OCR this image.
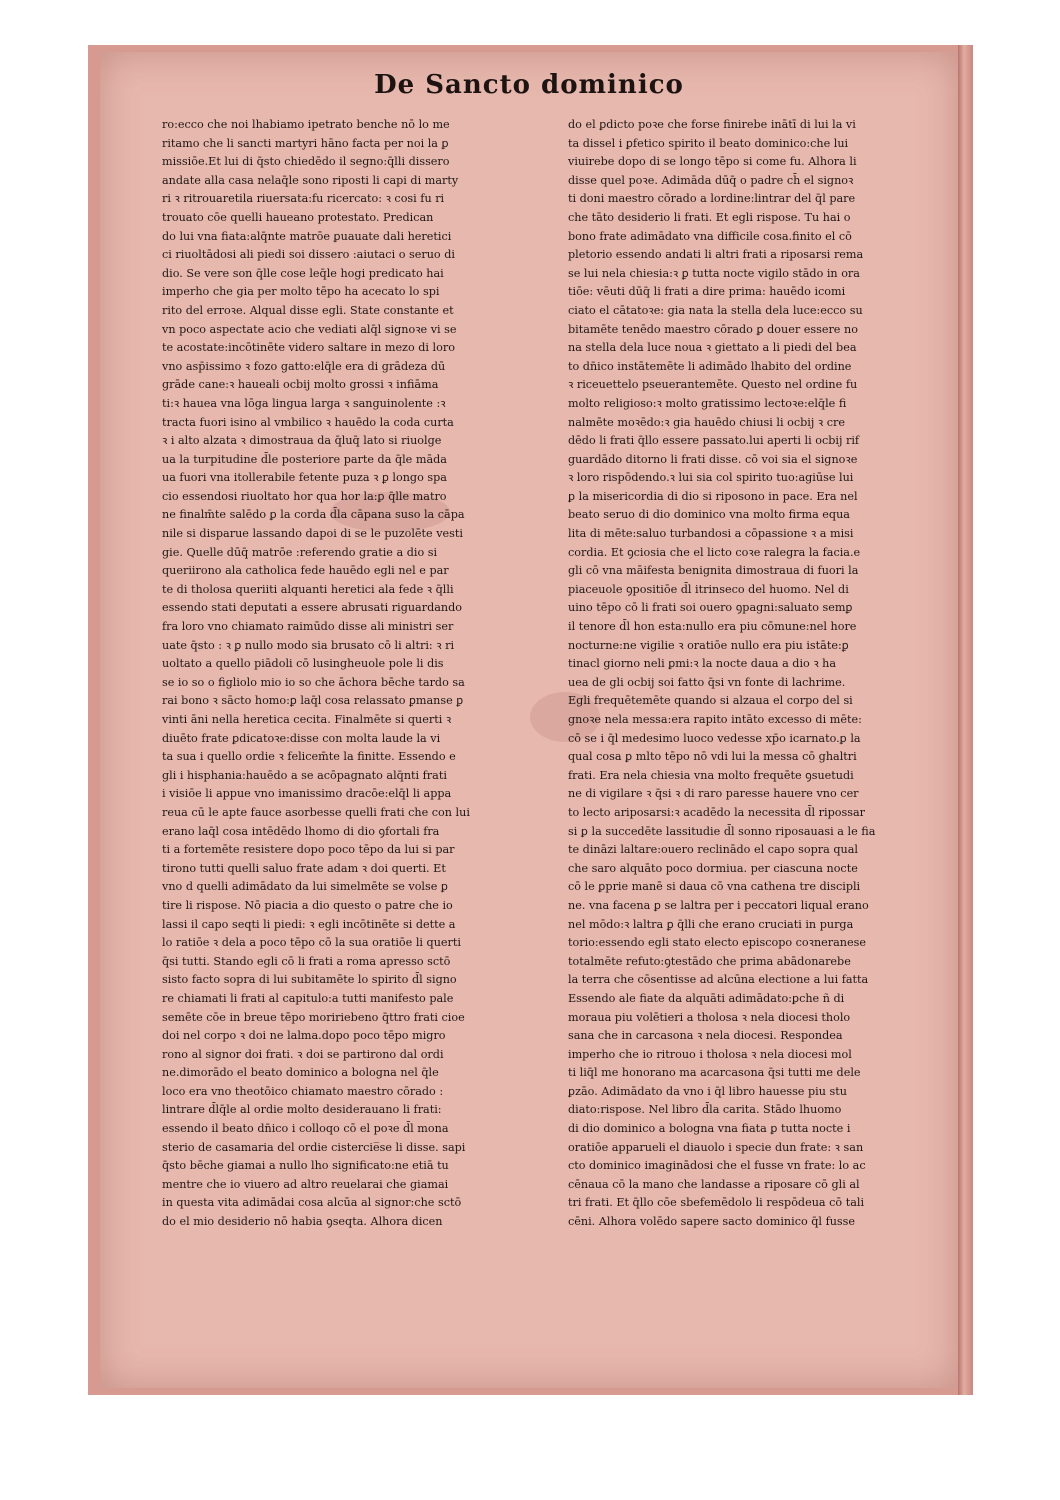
De Sancto dominico

ro:ecco che noi lhabiamo ipetrato benche nō lo me

ritamo che li sancti martyri hāno facta per noi la ꝑ

missiōe.Et lui di q̄sto chiedēdo il segno:q̄lli dissero

andate alla casa nelaq̄le sono riposti li capi di marty

ri ꝛ ritrouaretila riuersata:fu ricercato: ꝛ cosi fu ri

trouato cōe quelli haueano protestato. Predican

do lui vna fiata:alq̄nte matrōe ꝑuauate dali heretici

ci riuoltādosi ali piedi soi dissero :aiutaci o seruo di

dio. Se vere son q̄lle cose leq̄le hogi predicato hai

imperho che gia per molto tēpo ha acecato lo spi

rito del erroꝛe. Alqual disse egli. State constante et

vn poco aspectate acio che vediati alq̄l signoꝛe vi se

te acostate:incōtinēte videro saltare in mezo di loro

vno asp̄issimo ꝛ fozo gatto:elq̄le era di grādeza dū

grāde cane:ꝛ haueali ocbij molto grossi ꝛ infiāma

ti:ꝛ hauea vna lōga lingua larga ꝛ sanguinolente :ꝛ

tracta fuori isino al vmbilico ꝛ hauēdo la coda curta

ꝛ i alto alzata ꝛ dimostraua da q̄luq̄ lato si riuolge

ua la turpitudine d̄le posteriore parte da q̄le māda

ua fuori vna itollerabile fetente puza ꝛ ꝑ longo spa

cio essendosi riuoltato hor qua hor la:ꝑ q̄lle matro

ne finalm̄te salēdo ꝑ la corda d̄la cāpana suso la cāpa

nile si disparue lassando dapoi di se le puzolēte vesti

gie. Quelle dūq̄ matrōe :referendo gratie a dio si

queriirono ala catholica fede hauēdo egli nel e par

te di tholosa queriiti alquanti heretici ala fede ꝛ q̄lli

essendo stati deputati a essere abrusati riguardando

fra loro vno chiamato raimūdo disse ali ministri ser

uate q̄sto : ꝛ ꝑ nullo modo sia brusato cō li altri: ꝛ ri

uoltato a quello piādoli cō lusingheuole pole li dis

se io so o figliolo mio io so che āchora bēche tardo sa

rai bono ꝛ sācto homo:ꝑ laq̄l cosa relassato ꝑmanse ꝑ

vinti āni nella heretica cecita. Finalmēte si querti ꝛ

diuēto frate ꝑdicatoꝛe:disse con molta laude la vi

ta sua i quello ordie ꝛ felicem̄te la finitte. Essendo e

gli i hisphania:hauēdo a se acōpagnato alq̄nti frati

i visiōe li appue vno imanissimo dracōe:elq̄l li appa

reua cū le apte fauce asorbesse quelli frati che con lui

erano laq̄l cosa intēdēdo lhomo di dio ꝯfortali fra

ti a fortemēte resistere dopo poco tēpo da lui si par

tirono tutti quelli saluo frate adam ꝛ doi querti. Et

vno d quelli adimādato da lui simelmēte se volse ꝑ

tire li rispose. Nō piacia a dio questo o patre che io

lassi il capo seqti li piedi: ꝛ egli incōtinēte si dette a

lo ratiōe ꝛ dela a poco tēpo cō la sua oratiōe li querti

q̄si tutti. Stando egli cō li frati a roma apresso sctō

sisto facto sopra di lui subitamēte lo spirito d̄l signo

re chiamati li frati al capitulo:a tutti manifesto pale

semēte cōe in breue tēpo moririebeno q̄ttro frati cioe

doi nel corpo ꝛ doi ne lalma.dopo poco tēpo migro

rono al signor doi frati. ꝛ doi se partirono dal ordi

ne.dimorādo el beato dominico a bologna nel q̄le

loco era vno theotōico chiamato maestro cōrado :

lintrare d̄lq̄le al ordie molto desiderauano li frati:

essendo il beato dn̄ico i colloqo cō el poꝛe d̄l mona

sterio de casamaria del ordie cistercie̅se li disse. sapi

q̄sto bēche giamai a nullo lho significato:ne etiā tu

mentre che io viuero ad altro reuelarai che giamai

in questa vita adimādai cosa alcūa al signor:che sctō

do el mio desiderio nō habia ꝯseqta. Alhora dicen

do el ꝑdicto poꝛe che forse finirebe inātī di lui la vi

ta dissel i ꝑfetico spirito il beato dominico:che lui

viuirebe dopo di se longo tēpo si come fu. Alhora li

disse quel poꝛe. Adimāda dūq̄ o padre ch̄ el signoꝛ

ti doni maestro cōrado a lordine:lintrar del q̄l pare

che tāto desiderio li frati. Et egli rispose. Tu hai o

bono frate adimādato vna difficile cosa.finito el cō

pletorio essendo andati li altri frati a riposarsi rema

se lui nela chiesia:ꝛ ꝑ tutta nocte vigilo stādo in ora

tiōe: vēuti dūq̄ li frati a dire prima: hauēdo icomi

ciato el cātatoꝛe: gia nata la stella dela luce:ecco su

bitamēte tenēdo maestro cōrado ꝑ douer essere no

na stella dela luce noua ꝛ giettato a li piedi del bea

to dn̄ico instātemēte li adimādo lhabito del ordine

ꝛ riceuettelo pseuerantemēte. Questo nel ordine fu

molto religioso:ꝛ molto gratissimo lectoꝛe:elq̄le fi

nalmēte moꝛēdo:ꝛ gia hauēdo chiusi li ocbij ꝛ cre

dēdo li frati q̄llo essere passato.lui aperti li ocbij rif

guardādo ditorno li frati disse. cō voi sia el signoꝛe

ꝛ loro rispōdendo.ꝛ lui sia col spirito tuo:agiūse lui

ꝑ la misericordia di dio si riposono in pace. Era nel

beato seruo di dio dominico vna molto firma equa

lita di mēte:saluo turbandosi a cōpassione ꝛ a misi

cordia. Et ꝯciosia che el licto coꝛe ralegra la facia.e

gli cō vna māifesta benignita dimostraua di fuori la

piaceuole ꝯpositiōe d̄l itrinseco del huomo. Nel di

uino tēpo cō li frati soi ouero ꝯpagni:saluato semꝑ

il tenore d̄l hon esta:nullo era piu cōmune:nel hore

nocturne:ne vigilie ꝛ oratiōe nullo era piu istāte:ꝑ

tinacl giorno neli ꝑmi:ꝛ la nocte daua a dio ꝛ ha

uea de gli ocbij soi fatto q̄si vn fonte di lachrime.

Egli frequētemēte quando si alzaua el corpo del si

gnoꝛe nela messa:era rapito intāto excesso di mēte:

cō se i q̄l medesimo luoco vedesse xp̄o icarnato.ꝑ la

qual cosa ꝑ mlto tēpo nō vdi lui la messa cō ghaltri

frati. Era nela chiesia vna molto frequēte ꝯsuetudi

ne di vigilare ꝛ q̄si ꝛ di raro paresse hauere vno cer

to lecto ariposarsi:ꝛ acadēdo la necessita d̄l ripossar

si ꝑ la succedēte lassitudie d̄l sonno riposauasi a le fia

te dināzi laltare:ouero reclinādo el capo sopra qual

che saro alquāto poco dormiua. per ciascuna nocte

cō le ꝑprie manē si daua cō vna cathena tre discipli

ne. vna facena ꝑ se laltra per i peccatori liqual erano

nel mōdo:ꝛ laltra ꝑ q̄lli che erano cruciati in purga

torio:essendo egli stato electo episcopo coꝛneranese

totalmēte refuto:ꝯtestādo che prima abādonarebe

la terra che cōsentisse ad alcūna electione a lui fatta

Essendo ale fiate da alquāti adimādato:ꝑche ñ di

moraua piu volētieri a tholosa ꝛ nela diocesi tholo

sana che in carcasona ꝛ nela diocesi. Respondea

imperho che io ritrouo i tholosa ꝛ nela diocesi mol

ti liq̄l me honorano ma acarcasona q̄si tutti me dele

ꝑzāo. Adimādato da vno i q̄l libro hauesse piu stu

diato:rispose. Nel libro d̄la carita. Stādo lhuomo

di dio dominico a bologna vna fiata ꝑ tutta nocte i

oratiōe apparueli el diauolo i specie dun frate: ꝛ san

cto dominico imaginādosi che el fusse vn frate: lo ac

cēnaua cō la mano che landasse a riposare cō gli al

tri frati. Et q̄llo cōe sbefemēdolo li respōdeua cō tali

cēni. Alhora volēdo sapere sacto dominico q̄l fusse
